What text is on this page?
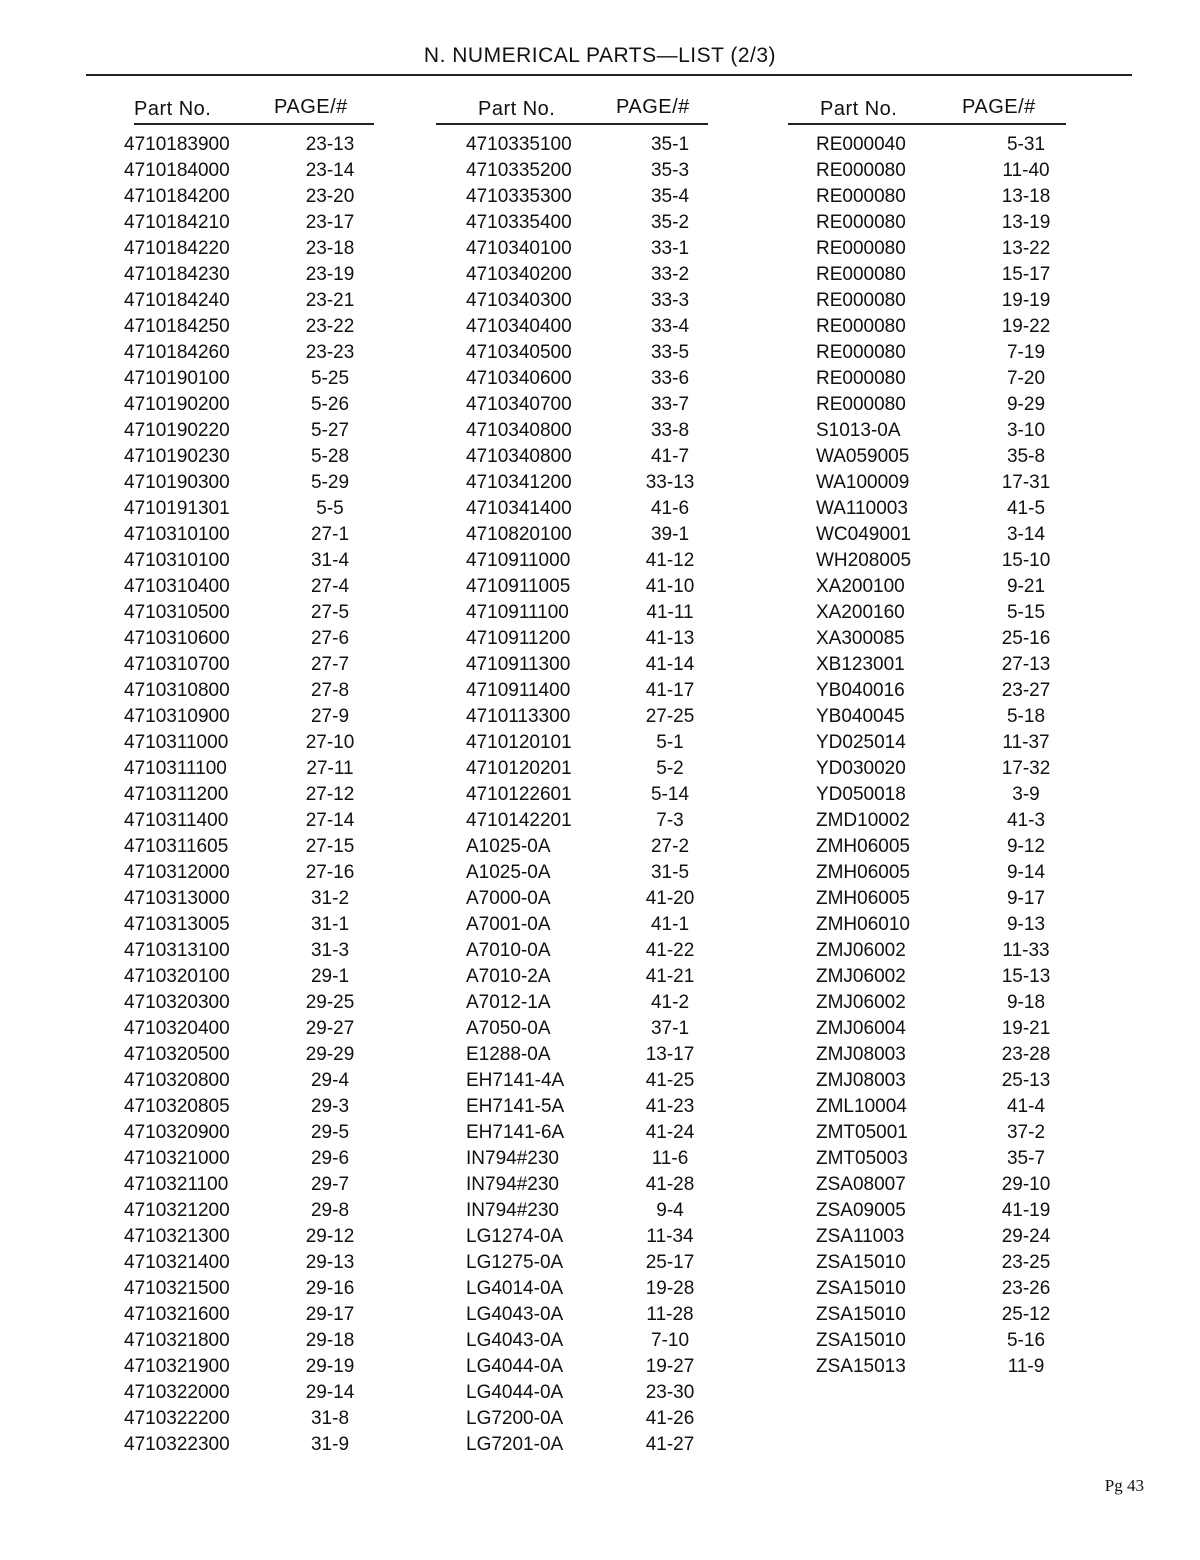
N. NUMERICAL PARTS—LIST (2/3)
Part No.	PAGE/#
4710183900	23-13
4710184000	23-14
4710184200	23-20
4710184210	23-17
4710184220	23-18
4710184230	23-19
4710184240	23-21
4710184250	23-22
4710184260	23-23
4710190100	5-25
4710190200	5-26
4710190220	5-27
4710190230	5-28
4710190300	5-29
4710191301	5-5
4710310100	27-1
4710310100	31-4
4710310400	27-4
4710310500	27-5
4710310600	27-6
4710310700	27-7
4710310800	27-8
4710310900	27-9
4710311000	27-10
4710311100	27-11
4710311200	27-12
4710311400	27-14
4710311605	27-15
4710312000	27-16
4710313000	31-2
4710313005	31-1
4710313100	31-3
4710320100	29-1
4710320300	29-25
4710320400	29-27
4710320500	29-29
4710320800	29-4
4710320805	29-3
4710320900	29-5
4710321000	29-6
4710321100	29-7
4710321200	29-8
4710321300	29-12
4710321400	29-13
4710321500	29-16
4710321600	29-17
4710321800	29-18
4710321900	29-19
4710322000	29-14
4710322200	31-8
4710322300	31-9
Part No.	PAGE/#
4710335100	35-1
4710335200	35-3
4710335300	35-4
4710335400	35-2
4710340100	33-1
4710340200	33-2
4710340300	33-3
4710340400	33-4
4710340500	33-5
4710340600	33-6
4710340700	33-7
4710340800	33-8
4710340800	41-7
4710341200	33-13
4710341400	41-6
4710820100	39-1
4710911000	41-12
4710911005	41-10
4710911100	41-11
4710911200	41-13
4710911300	41-14
4710911400	41-17
4710113300	27-25
4710120101	5-1
4710120201	5-2
4710122601	5-14
4710142201	7-3
A1025-0A	27-2
A1025-0A	31-5
A7000-0A	41-20
A7001-0A	41-1
A7010-0A	41-22
A7010-2A	41-21
A7012-1A	41-2
A7050-0A	37-1
E1288-0A	13-17
EH7141-4A	41-25
EH7141-5A	41-23
EH7141-6A	41-24
IN794#230	11-6
IN794#230	41-28
IN794#230	9-4
LG1274-0A	11-34
LG1275-0A	25-17
LG4014-0A	19-28
LG4043-0A	11-28
LG4043-0A	7-10
LG4044-0A	19-27
LG4044-0A	23-30
LG7200-0A	41-26
LG7201-0A	41-27
Part No.	PAGE/#
RE000040	5-31
RE000080	11-40
RE000080	13-18
RE000080	13-19
RE000080	13-22
RE000080	15-17
RE000080	19-19
RE000080	19-22
RE000080	7-19
RE000080	7-20
RE000080	9-29
S1013-0A	3-10
WA059005	35-8
WA100009	17-31
WA110003	41-5
WC049001	3-14
WH208005	15-10
XA200100	9-21
XA200160	5-15
XA300085	25-16
XB123001	27-13
YB040016	23-27
YB040045	5-18
YD025014	11-37
YD030020	17-32
YD050018	3-9
ZMD10002	41-3
ZMH06005	9-12
ZMH06005	9-14
ZMH06005	9-17
ZMH06010	9-13
ZMJ06002	11-33
ZMJ06002	15-13
ZMJ06002	9-18
ZMJ06004	19-21
ZMJ08003	23-28
ZMJ08003	25-13
ZML10004	41-4
ZMT05001	37-2
ZMT05003	35-7
ZSA08007	29-10
ZSA09005	41-19
ZSA11003	29-24
ZSA15010	23-25
ZSA15010	23-26
ZSA15010	25-12
ZSA15010	5-16
ZSA15013	11-9
Pg 43
